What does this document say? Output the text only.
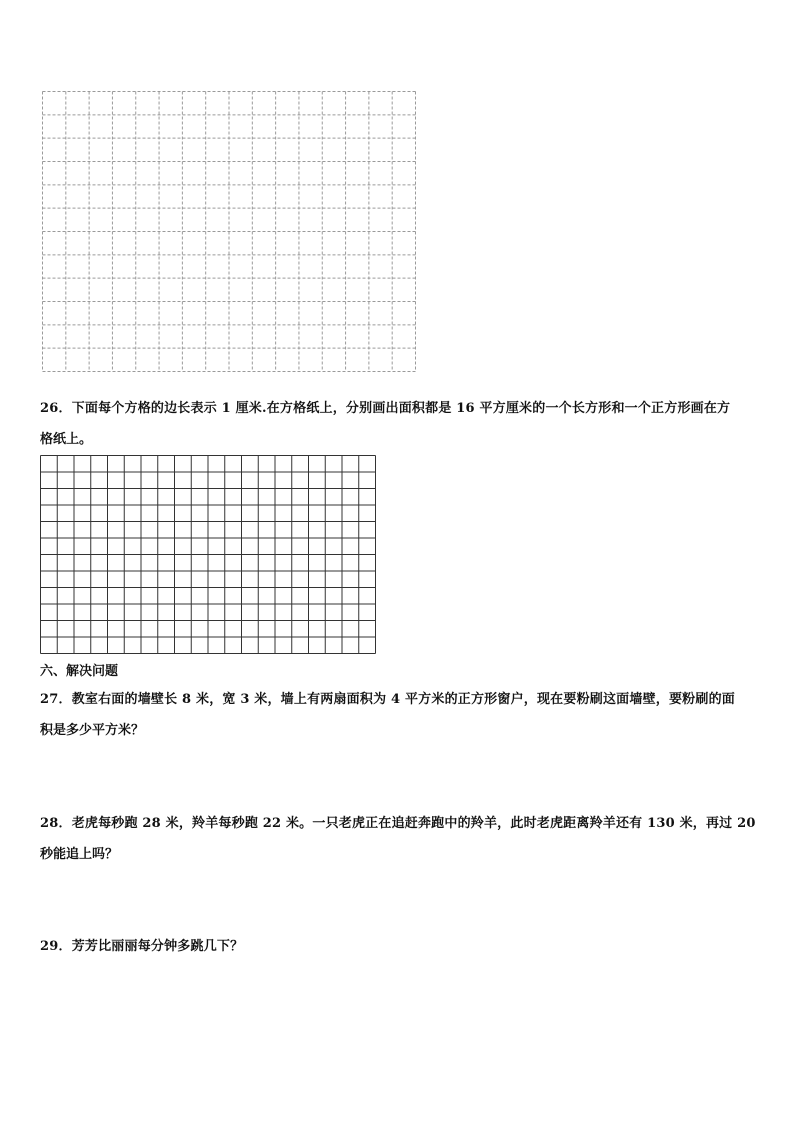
26．下面每个方格的边长表示 1 厘米.在方格纸上，分别画出面积都是 16 平方厘米的一个长方形和一个正方形画在方
格纸上。
六、解决问题
27．教室右面的墙壁长 8 米，宽 3 米，墙上有两扇面积为 4 平方米的正方形窗户，现在要粉刷这面墙壁，要粉刷的面
积是多少平方米？
28．老虎每秒跑 28 米，羚羊每秒跑 22 米。一只老虎正在追赶奔跑中的羚羊，此时老虎距离羚羊还有 130 米，再过 20
秒能追上吗？
29．芳芳比丽丽每分钟多跳几下？
